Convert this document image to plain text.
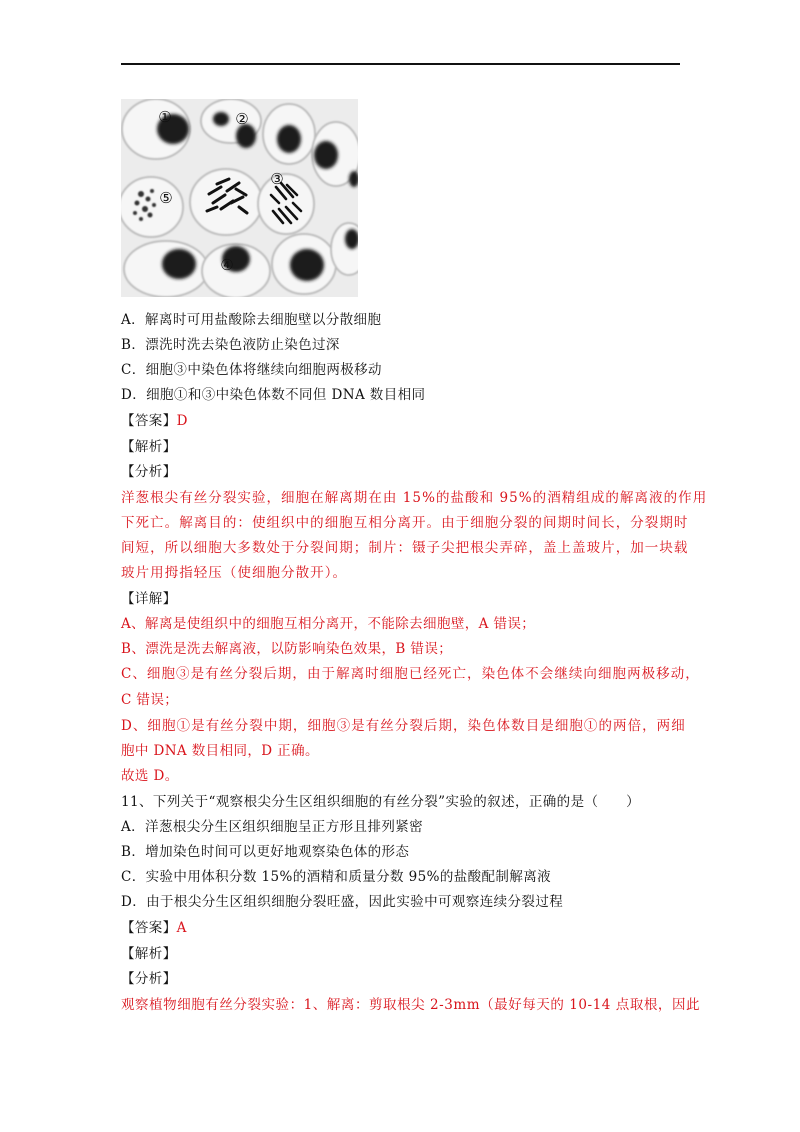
①	②
③
④
⑤
A．解离时可用盐酸除去细胞壁以分散细胞
B．漂洗时洗去染色液防止染色过深
C．细胞③中染色体将继续向细胞两极移动
D．细胞①和③中染色体数不同但 DNA 数目相同
【答案】D
【解析】
【分析】
洋葱根尖有丝分裂实验，细胞在解离期在由 15%的盐酸和 95%的酒精组成的解离液的作用
下死亡。解离目的：使组织中的细胞互相分离开。由于细胞分裂的间期时间长，分裂期时
间短，所以细胞大多数处于分裂间期；制片：镊子尖把根尖弄碎，盖上盖玻片，加一块载
玻片用拇指轻压（使细胞分散开）。
【详解】
A、解离是使组织中的细胞互相分离开，不能除去细胞壁，A 错误；
B、漂洗是洗去解离液，以防影响染色效果，B 错误；
C、细胞③是有丝分裂后期，由于解离时细胞已经死亡，染色体不会继续向细胞两极移动，
C 错误；
D、细胞①是有丝分裂中期，细胞③是有丝分裂后期，染色体数目是细胞①的两倍，两细
胞中 DNA 数目相同，D 正确。
故选 D。
11、下列关于“观察根尖分生区组织细胞的有丝分裂”实验的叙述，正确的是（　　）
A．洋葱根尖分生区组织细胞呈正方形且排列紧密
B．增加染色时间可以更好地观察染色体的形态
C．实验中用体积分数 15%的酒精和质量分数 95%的盐酸配制解离液
D．由于根尖分生区组织细胞分裂旺盛，因此实验中可观察连续分裂过程
【答案】A
【解析】
【分析】
观察植物细胞有丝分裂实验：1、解离：剪取根尖 2-3mm（最好每天的 10-14 点取根，因此
